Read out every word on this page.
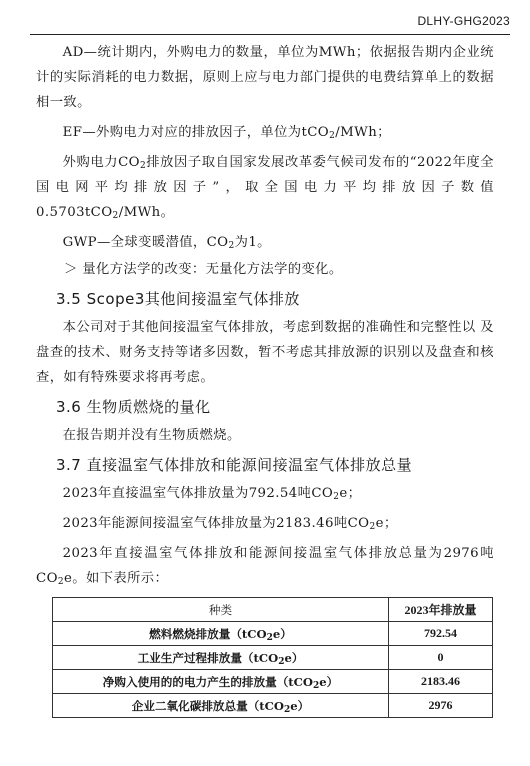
DLHY-GHG2023

AD—统计期内，外购电力的数量，单位为MWh；依据报告期内企业统计的实际消耗的电力数据，原则上应与电力部门提供的电费结算单上的数据相一致。

EF—外购电力对应的排放因子，单位为tCO$_2$/MWh；

外购电力$CO_2$排放因子取自国家发展改革委气候司发布的“2022年度全国电网平均排放因子”，取全国电力平均排放因子数值0.5703tCO$_2$/MWh。

GWP—全球变暖潜值，$CO_2$为1。

＞ 量化方法学的改变：无量化方法学的变化。

3.5 Scope3其他间接温室气体排放

本公司对于其他间接温室气体排放，考虑到数据的准确性和完整性以 及盘查的技术、财务支持等诸多因数，暂不考虑其排放源的识别以及盘查和核查，如有特殊要求将再考虑。

3.6 生物质燃烧的量化

在报告期并没有生物质燃烧。

3.7 直接温室气体排放和能源间接温室气体排放总量

2023年直接温室气体排放量为792.54吨$CO_2e$；

2023年能源间接温室气体排放量为2183.46吨$CO_2e$；

2023年直接温室气体排放和能源间接温室气体排放总量为2976吨$CO_2e$。如下表所示：

种类	2023年排放量
燃料燃烧排放量（tCO$_2$e）	792.54
工业生产过程排放量（tCO$_2$e）	0
净购入使用的的电力产生的排放量（tCO$_2$e）	2183.46
企业二氧化碳排放总量（tCO$_2$e）	2976
